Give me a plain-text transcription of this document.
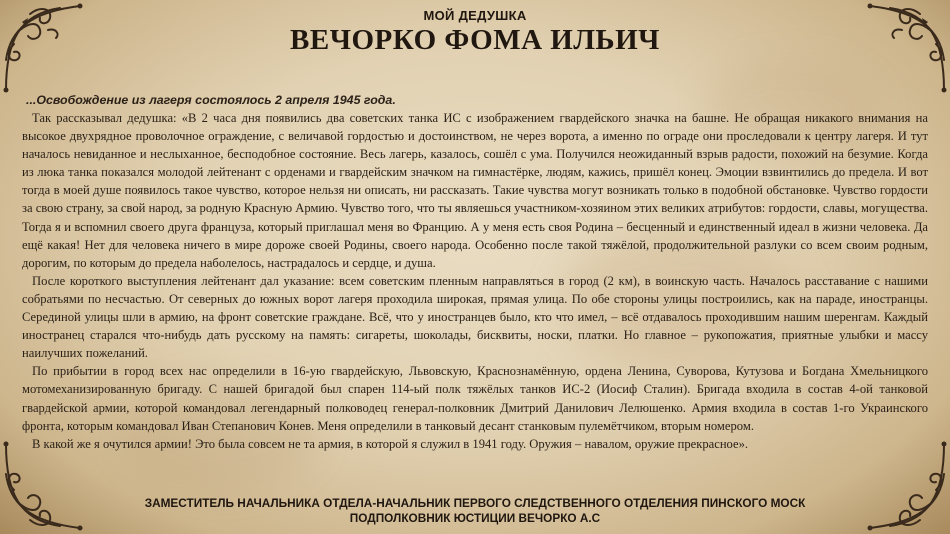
МОЙ ДЕДУШКА
ВЕЧОРКО ФОМА ИЛЬИЧ

...Освобождение из лагеря состоялось 2 апреля 1945 года.

Так рассказывал дедушка: «В 2 часа дня появились два советских танка ИС с изображением гвардейского значка на башне. Не обращая никакого внимания на высокое двухрядное проволочное ограждение, с величавой гордостью и достоинством, не через ворота, а именно по ограде они проследовали к центру лагеря. И тут началось невиданное и неслыханное, бесподобное состояние. Весь лагерь, казалось, сошёл с ума. Получился неожиданный взрыв радости, похожий на безумие. Когда из люка танка показался молодой лейтенант с орденами и гвардейским значком на гимнастёрке, людям, кажись, пришёл конец. Эмоции взвинтились до предела. И вот тогда в моей душе появилось такое чувство, которое нельзя ни описать, ни рассказать. Такие чувства могут возникать только в подобной обстановке. Чувство гордости за свою страну, за свой народ, за родную Красную Армию. Чувство того, что ты являешься участником-хозяином этих великих атрибутов: гордости, славы, могущества. Тогда я и вспомнил своего друга француза, который приглашал меня во Францию. А у меня есть своя Родина – бесценный и единственный идеал в жизни человека. Да ещё какая! Нет для человека ничего в мире дороже своей Родины, своего народа. Особенно после такой тяжёлой, продолжительной разлуки со всем своим родным, дорогим, по которым до предела наболелось, настрадалось и сердце, и душа.

После короткого выступления лейтенант дал указание: всем советским пленным направляться в город (2 км), в воинскую часть. Началось расставание с нашими собратьями по несчастью. От северных до южных ворот лагеря проходила широкая, прямая улица. По обе стороны улицы построились, как на параде, иностранцы. Серединой улицы шли в армию, на фронт советские граждане. Всё, что у иностранцев было, кто что имел, – всё отдавалось проходившим нашим шеренгам. Каждый иностранец старался что-нибудь дать русскому на память: сигареты, шоколады, бисквиты, носки, платки. Но главное – рукопожатия, приятные улыбки и массу наилучших пожеланий.

По прибытии в город всех нас определили в 16-ую гвардейскую, Львовскую, Краснознамённую, ордена Ленина, Суворова, Кутузова и Богдана Хмельницкого мотомеханизированную бригаду. С нашей бригадой был спарен 114-ый полк тяжёлых танков ИС-2 (Иосиф Сталин). Бригада входила в состав 4-ой танковой гвардейской армии, которой командовал легендарный полководец генерал-полковник Дмитрий Данилович Лелюшенко. Армия входила в состав 1-го Украинского фронта, которым командовал Иван Степанович Конев. Меня определили в танковый десант станковым пулемётчиком, вторым номером.

В какой же я очутился армии! Это была совсем не та армия, в которой я служил в 1941 году. Оружия – навалом, оружие прекрасное».

ЗАМЕСТИТЕЛЬ НАЧАЛЬНИКА ОТДЕЛА-НАЧАЛЬНИК ПЕРВОГО СЛЕДСТВЕННОГО ОТДЕЛЕНИЯ ПИНСКОГО МОСК
ПОДПОЛКОВНИК ЮСТИЦИИ ВЕЧОРКО А.С
